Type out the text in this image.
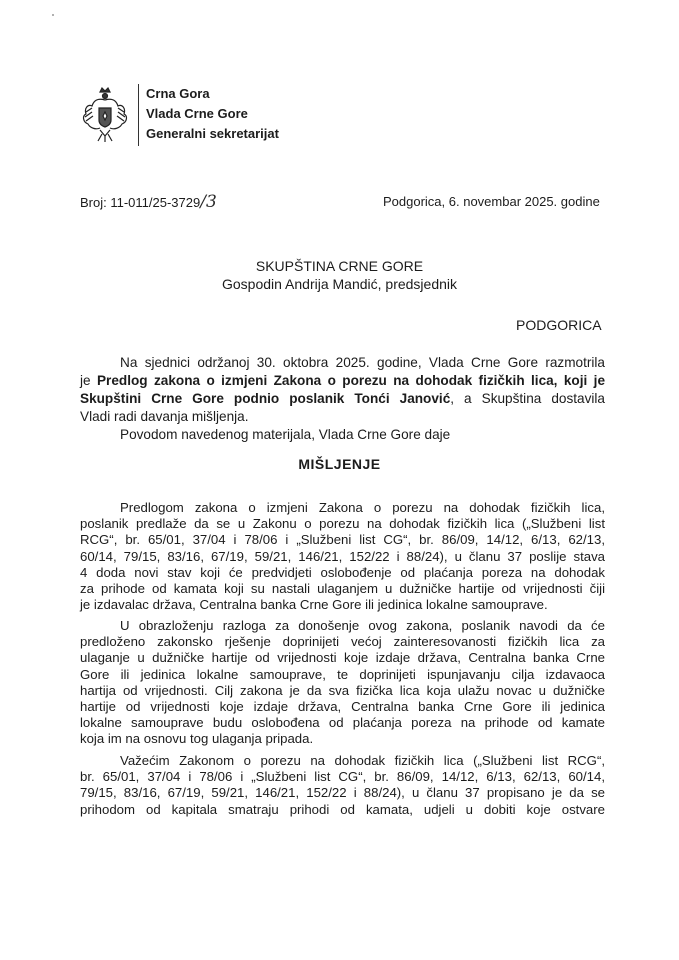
Crna Gora
Vlada Crne Gore
Generalni sekretarijat
Broj: 11-011/25-3729/3	Podgorica, 6. novembar 2025. godine
SKUPŠTINA CRNE GORE
Gospodin Andrija Mandić, predsjednik
PODGORICA
Na sjednici održanoj 30. oktobra 2025. godine, Vlada Crne Gore razmotrila
je Predlog zakona o izmjeni Zakona o porezu na dohodak fizičkih lica, koji je
Skupštini Crne Gore podnio poslanik Tonći Janović, a Skupština dostavila
Vladi radi davanja mišljenja.
Povodom navedenog materijala, Vlada Crne Gore daje
MIŠLJENJE
Predlogom zakona o izmjeni Zakona o porezu na dohodak fizičkih lica,
poslanik predlaže da se u Zakonu o porezu na dohodak fizičkih lica („Službeni list
RCG“, br. 65/01, 37/04 i 78/06 i „Službeni list CG“, br. 86/09, 14/12, 6/13, 62/13,
60/14, 79/15, 83/16, 67/19, 59/21, 146/21, 152/22 i 88/24), u članu 37 poslije stava
4 doda novi stav koji će predvidjeti oslobođenje od plaćanja poreza na dohodak
za prihode od kamata koji su nastali ulaganjem u dužničke hartije od vrijednosti čiji
je izdavalac država, Centralna banka Crne Gore ili jedinica lokalne samouprave.
U obrazloženju razloga za donošenje ovog zakona, poslanik navodi da će
predloženo zakonsko rješenje doprinijeti većoj zainteresovanosti fizičkih lica za
ulaganje u dužničke hartije od vrijednosti koje izdaje država, Centralna banka Crne
Gore ili jedinica lokalne samouprave, te doprinijeti ispunjavanju cilja izdavaoca
hartija od vrijednosti. Cilj zakona je da sva fizička lica koja ulažu novac u dužničke
hartije od vrijednosti koje izdaje država, Centralna banka Crne Gore ili jedinica
lokalne samouprave budu oslobođena od plaćanja poreza na prihode od kamate
koja im na osnovu tog ulaganja pripada.
Važećim Zakonom o porezu na dohodak fizičkih lica („Službeni list RCG“,
br. 65/01, 37/04 i 78/06 i „Službeni list CG“, br. 86/09, 14/12, 6/13, 62/13, 60/14,
79/15, 83/16, 67/19, 59/21, 146/21, 152/22 i 88/24), u članu 37 propisano je da se
prihodom od kapitala smatraju prihodi od kamata, udjeli u dobiti koje ostvare
